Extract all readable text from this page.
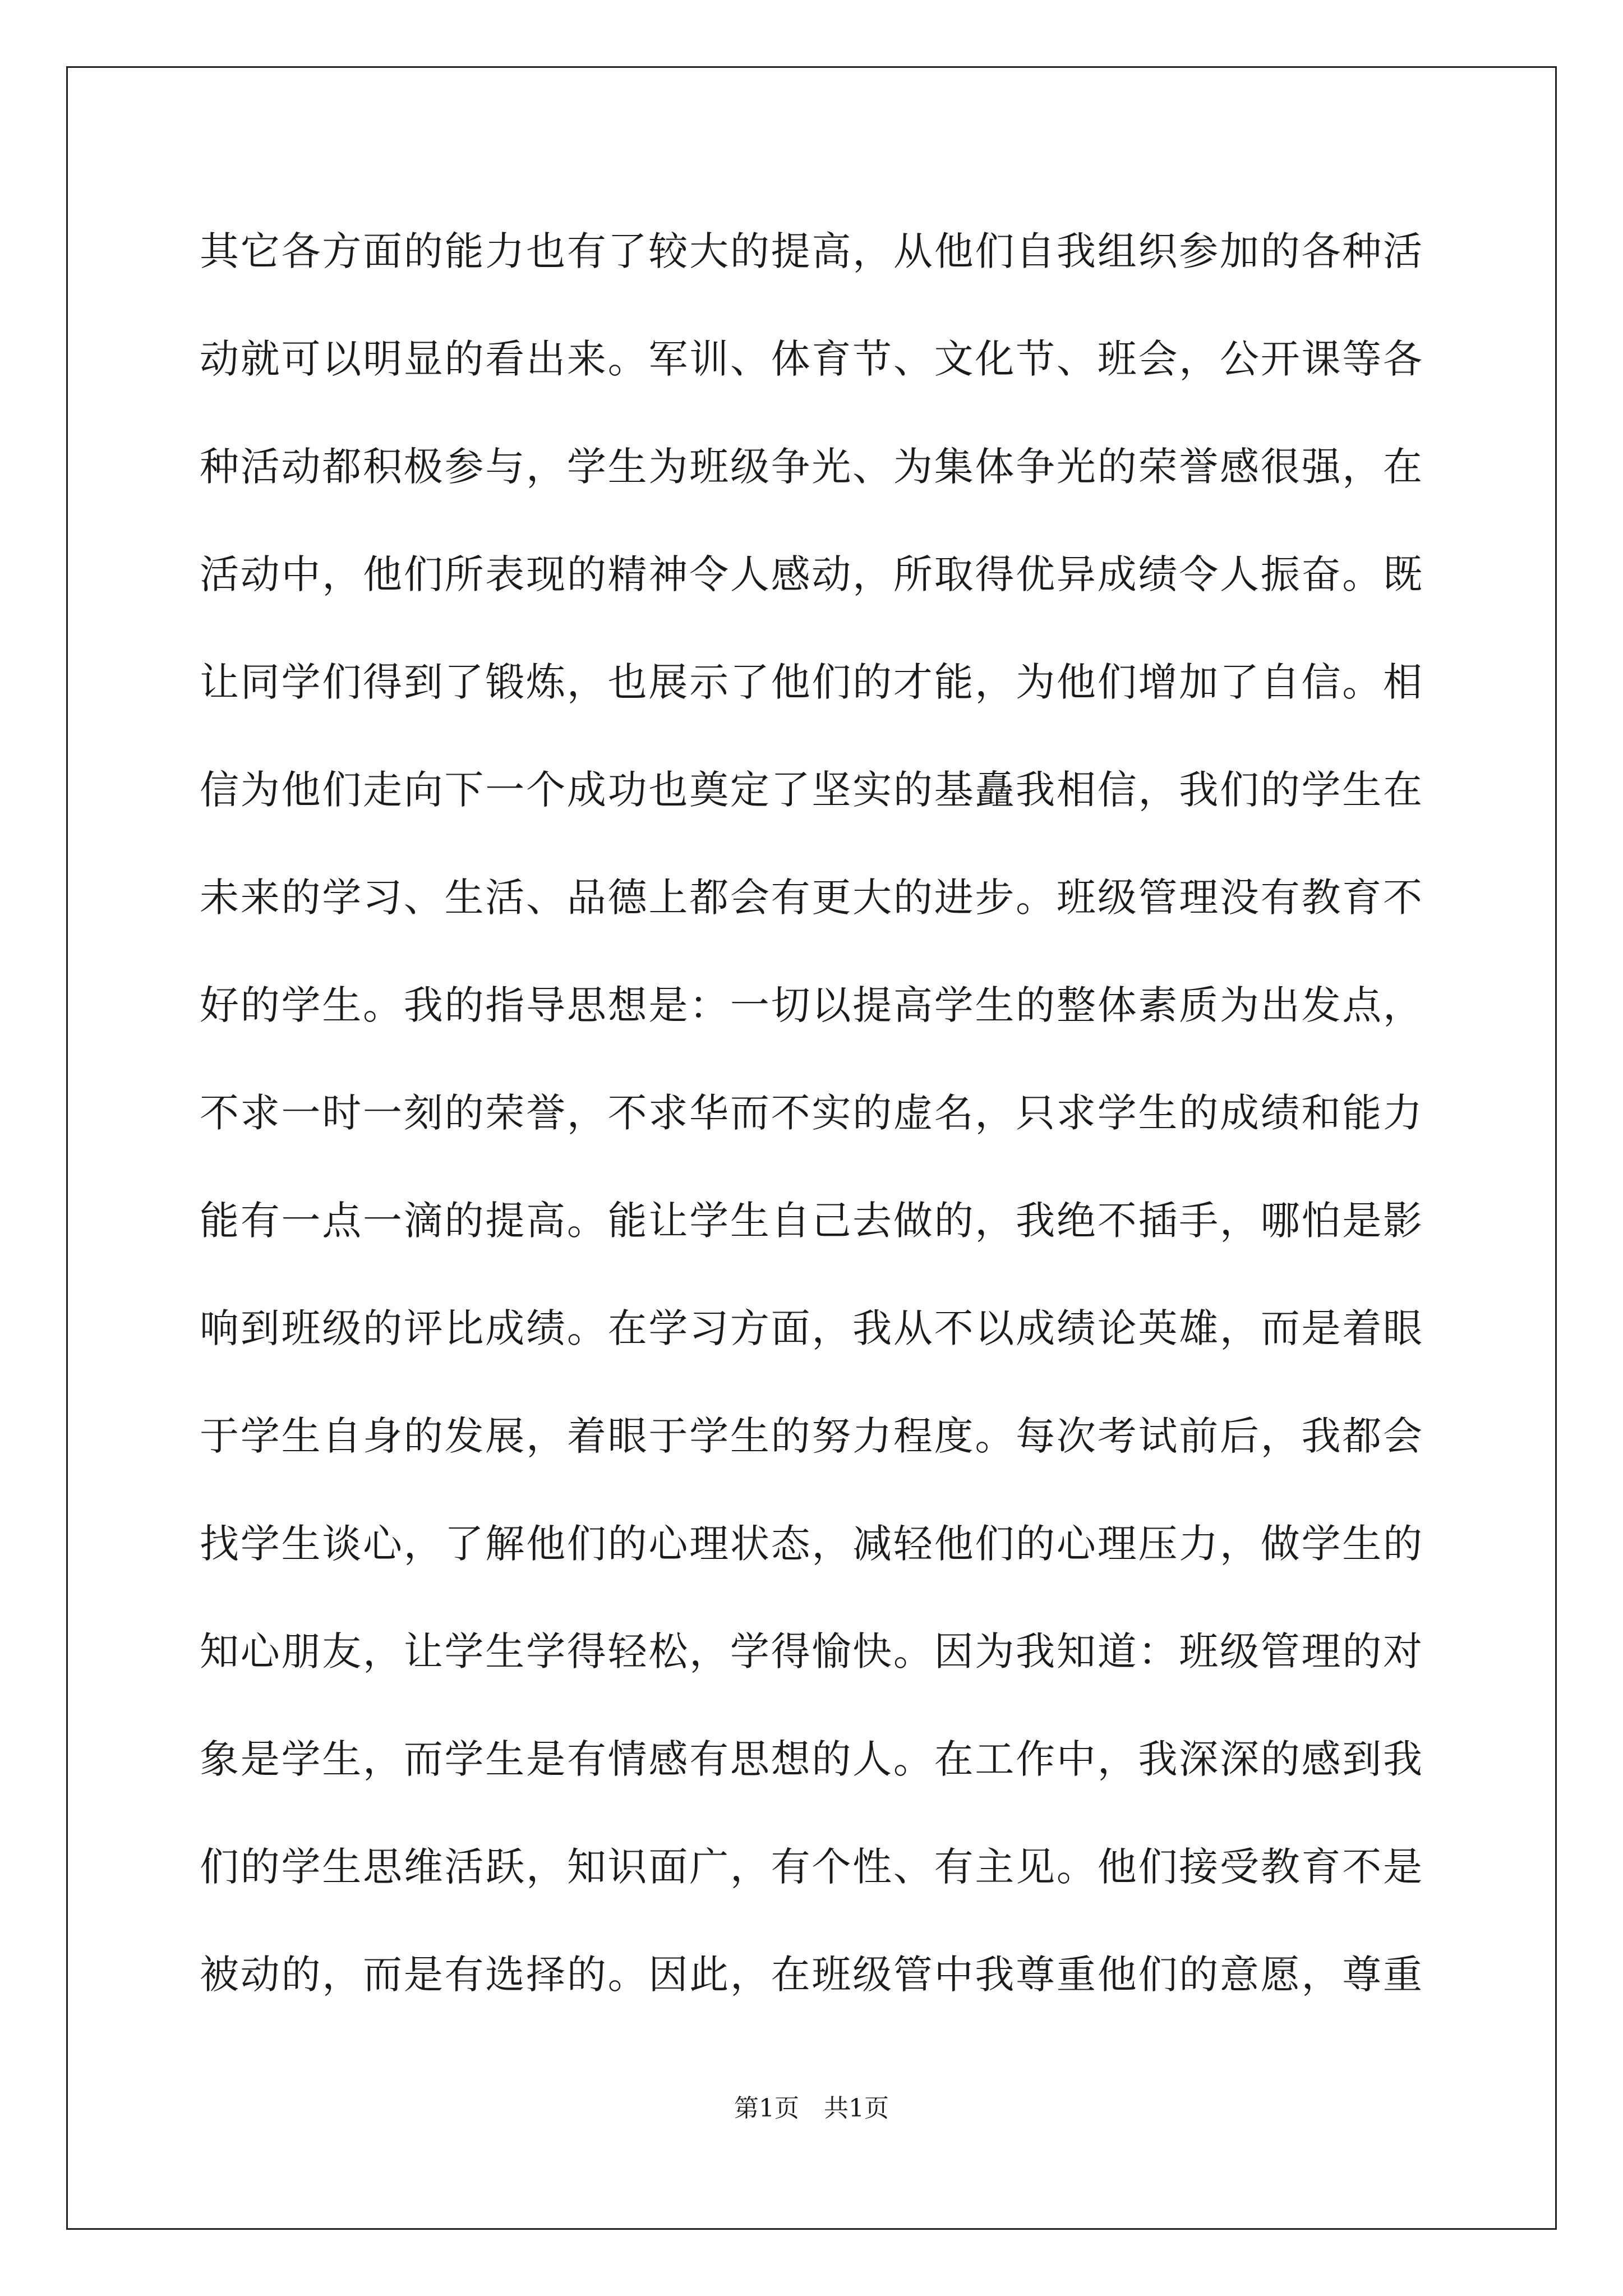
其它各方面的能力也有了较大的提高，从他们自我组织参加的各种活
动就可以明显的看出来。军训、体育节、文化节、班会，公开课等各
种活动都积极参与，学生为班级争光、为集体争光的荣誉感很强，在
活动中，他们所表现的精神令人感动，所取得优异成绩令人振奋。既
让同学们得到了锻炼，也展示了他们的才能，为他们增加了自信。相
信为他们走向下一个成功也奠定了坚实的基矗我相信，我们的学生在
未来的学习、生活、品德上都会有更大的进步。班级管理没有教育不
好的学生。我的指导思想是：一切以提高学生的整体素质为出发点，
不求一时一刻的荣誉，不求华而不实的虚名，只求学生的成绩和能力
能有一点一滴的提高。能让学生自己去做的，我绝不插手，哪怕是影
响到班级的评比成绩。在学习方面，我从不以成绩论英雄，而是着眼
于学生自身的发展，着眼于学生的努力程度。每次考试前后，我都会
找学生谈心，了解他们的心理状态，减轻他们的心理压力，做学生的
知心朋友，让学生学得轻松，学得愉快。因为我知道：班级管理的对
象是学生，而学生是有情感有思想的人。在工作中，我深深的感到我
们的学生思维活跃，知识面广，有个性、有主见。他们接受教育不是
被动的，而是有选择的。因此，在班级管中我尊重他们的意愿，尊重
第1页　共1页
